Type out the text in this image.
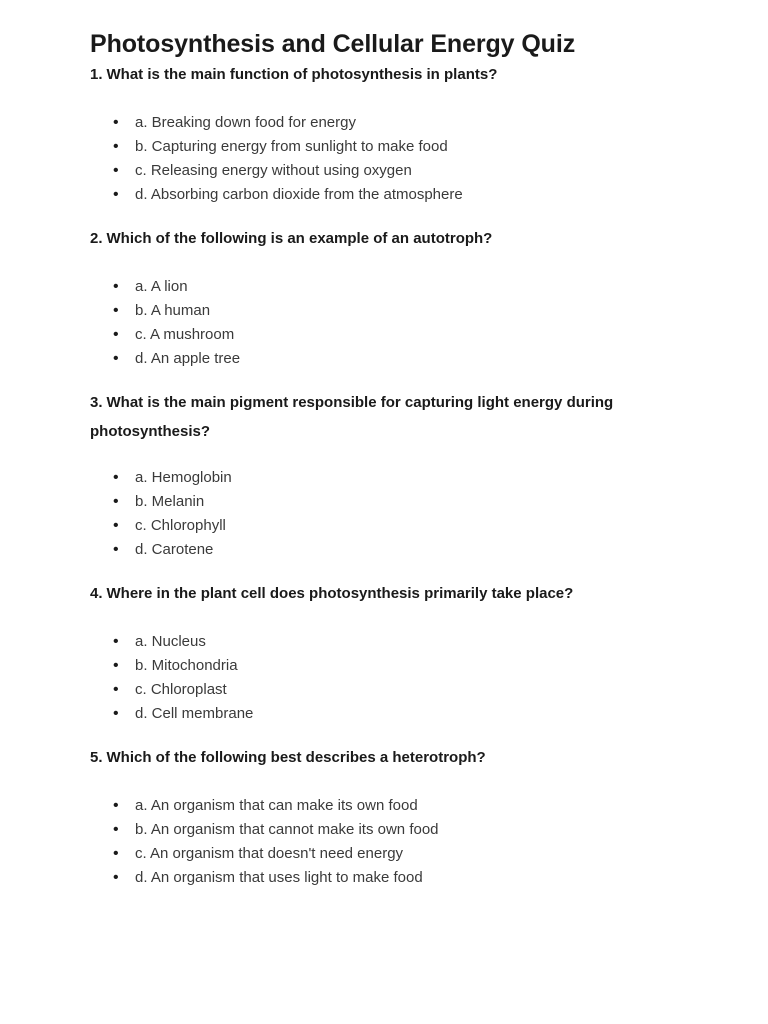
Photosynthesis and Cellular Energy Quiz

1. What is the main function of photosynthesis in plants?

• a. Breaking down food for energy
• b. Capturing energy from sunlight to make food
• c. Releasing energy without using oxygen
• d. Absorbing carbon dioxide from the atmosphere

2. Which of the following is an example of an autotroph?

• a. A lion
• b. A human
• c. A mushroom
• d. An apple tree

3. What is the main pigment responsible for capturing light energy during photosynthesis?

• a. Hemoglobin
• b. Melanin
• c. Chlorophyll
• d. Carotene

4. Where in the plant cell does photosynthesis primarily take place?

• a. Nucleus
• b. Mitochondria
• c. Chloroplast
• d. Cell membrane

5. Which of the following best describes a heterotroph?

• a. An organism that can make its own food
• b. An organism that cannot make its own food
• c. An organism that doesn't need energy
• d. An organism that uses light to make food
